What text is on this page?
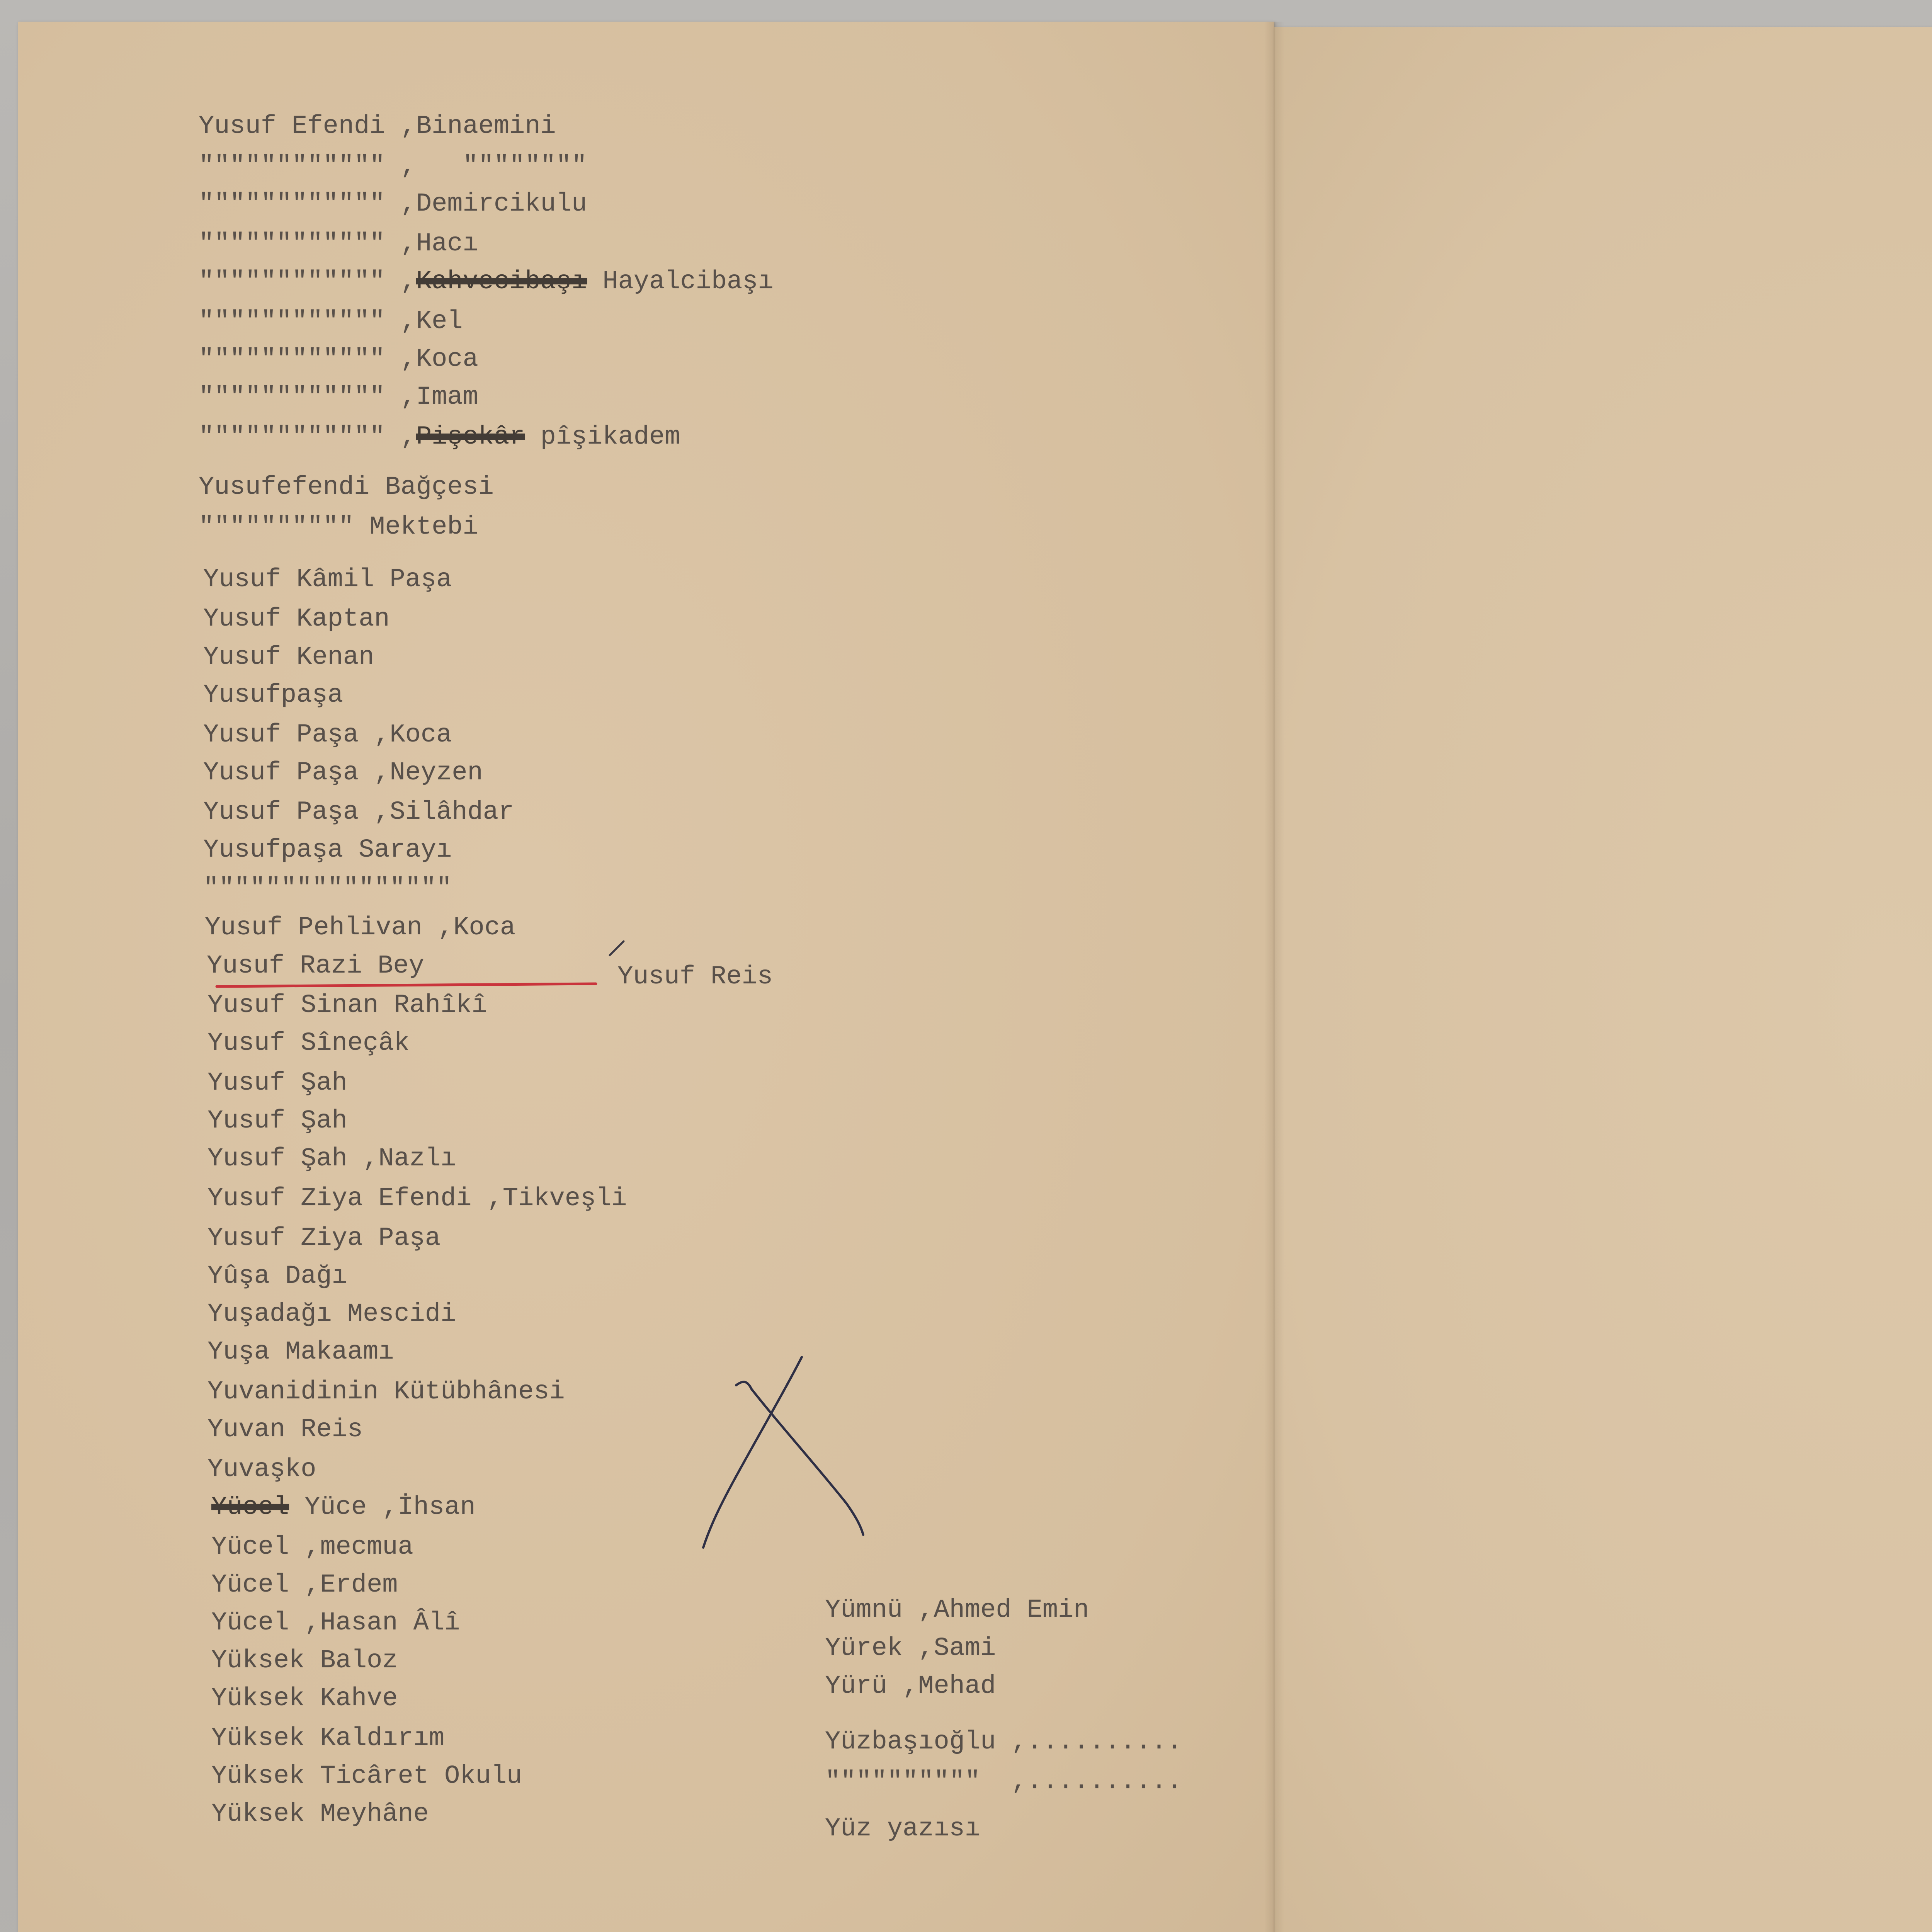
Yusuf Efendi ,Binaemini
"""""""""""" ,   """"""""
"""""""""""" ,Demircikulu
"""""""""""" ,Hacı
"""""""""""" ,Kahvecibaşı Hayalcibaşı
"""""""""""" ,Kel
"""""""""""" ,Koca
"""""""""""" ,Imam
"""""""""""" ,Pişekâr pîşikadem
Yusufefendi Bağçesi
"""""""""" Mektebi
Yusuf Kâmil Paşa
Yusuf Kaptan
Yusuf Kenan
Yusufpaşa
Yusuf Paşa ,Koca
Yusuf Paşa ,Neyzen
Yusuf Paşa ,Silâhdar
Yusufpaşa Sarayı
""""""""""""""""
Yusuf Pehlivan ,Koca
Yusuf Razi Bey
Yusuf Sinan Rahîkî
Yusuf Sîneçâk
Yusuf Şah
Yusuf Şah
Yusuf Şah ,Nazlı
Yusuf Ziya Efendi ,Tikveşli
Yusuf Ziya Paşa
Yûşa Dağı
Yuşadağı Mescidi
Yuşa Makaamı
Yuvanidinin Kütübhânesi
Yuvan Reis
Yuvaşko
Yücel Yüce ,İhsan
Yücel ,mecmua
Yücel ,Erdem
Yücel ,Hasan Âlî
Yüksek Baloz
Yüksek Kahve
Yüksek Kaldırım
Yüksek Ticâret Okulu
Yüksek Meyhâne
Yusuf Reis
Yümnü ,Ahmed Emin
Yürek ,Sami
Yürü ,Mehad
Yüzbaşıoğlu ,..........
""""""""""  ,..........
Yüz yazısı
